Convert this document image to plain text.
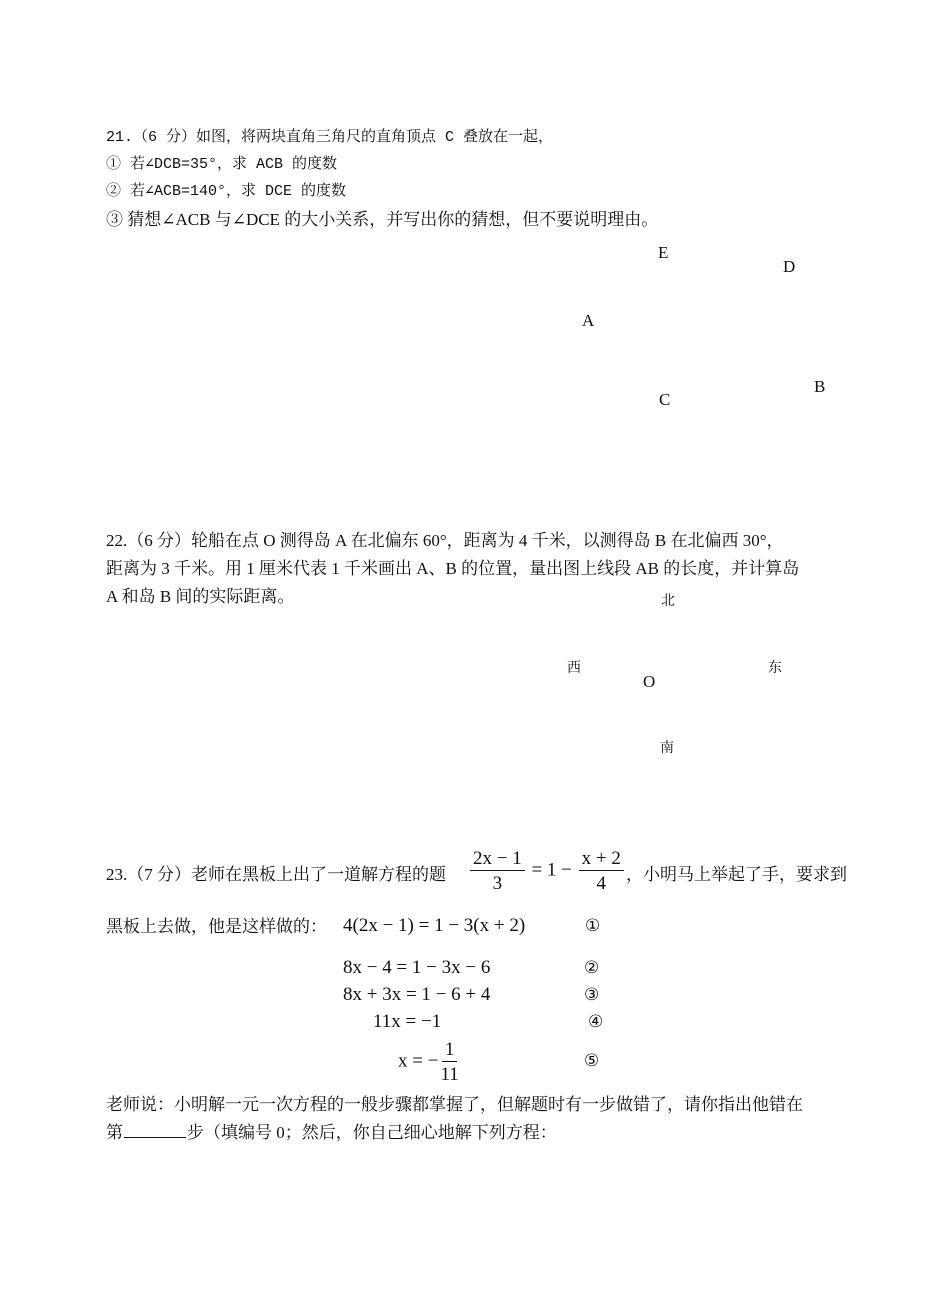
21.（6 分）如图，将两块直角三角尺的直角顶点 C 叠放在一起，
① 若∠DCB=35°，求 ACB 的度数
② 若∠ACB=140°，求 DCE 的度数
③ 猜想∠ACB 与∠DCE 的大小关系，并写出你的猜想，但不要说明理由。
E
D
A
B
C
22.（6 分）轮船在点 O 测得岛 A 在北偏东 60°，距离为 4 千米，以测得岛 B 在北偏西 30°，
距离为 3 千米。用 1 厘米代表 1 千米画出 A、B 的位置，量出图上线段 AB 的长度，并计算岛
A 和岛 B 间的实际距离。	北
西	东
O
南
23.（7 分）老师在黑板上出了一道解方程的题 $\frac{2x - 1}{3} = 1 - \frac{x + 2}{4}$ ，小明马上举起了手，要求到
黑板上去做，他是这样做的： 4(2x − 1) = 1 − 3(x + 2)	①
8x − 4 = 1 − 3x − 6	②
8x + 3x = 1 − 6 + 4	③
11x = −1	④
x = − $\frac{1}{11}$	⑤
老师说：小明解一元一次方程的一般步骤都掌握了，但解题时有一步做错了，请你指出他错在
第	步（填编号 0；然后，你自己细心地解下列方程：
